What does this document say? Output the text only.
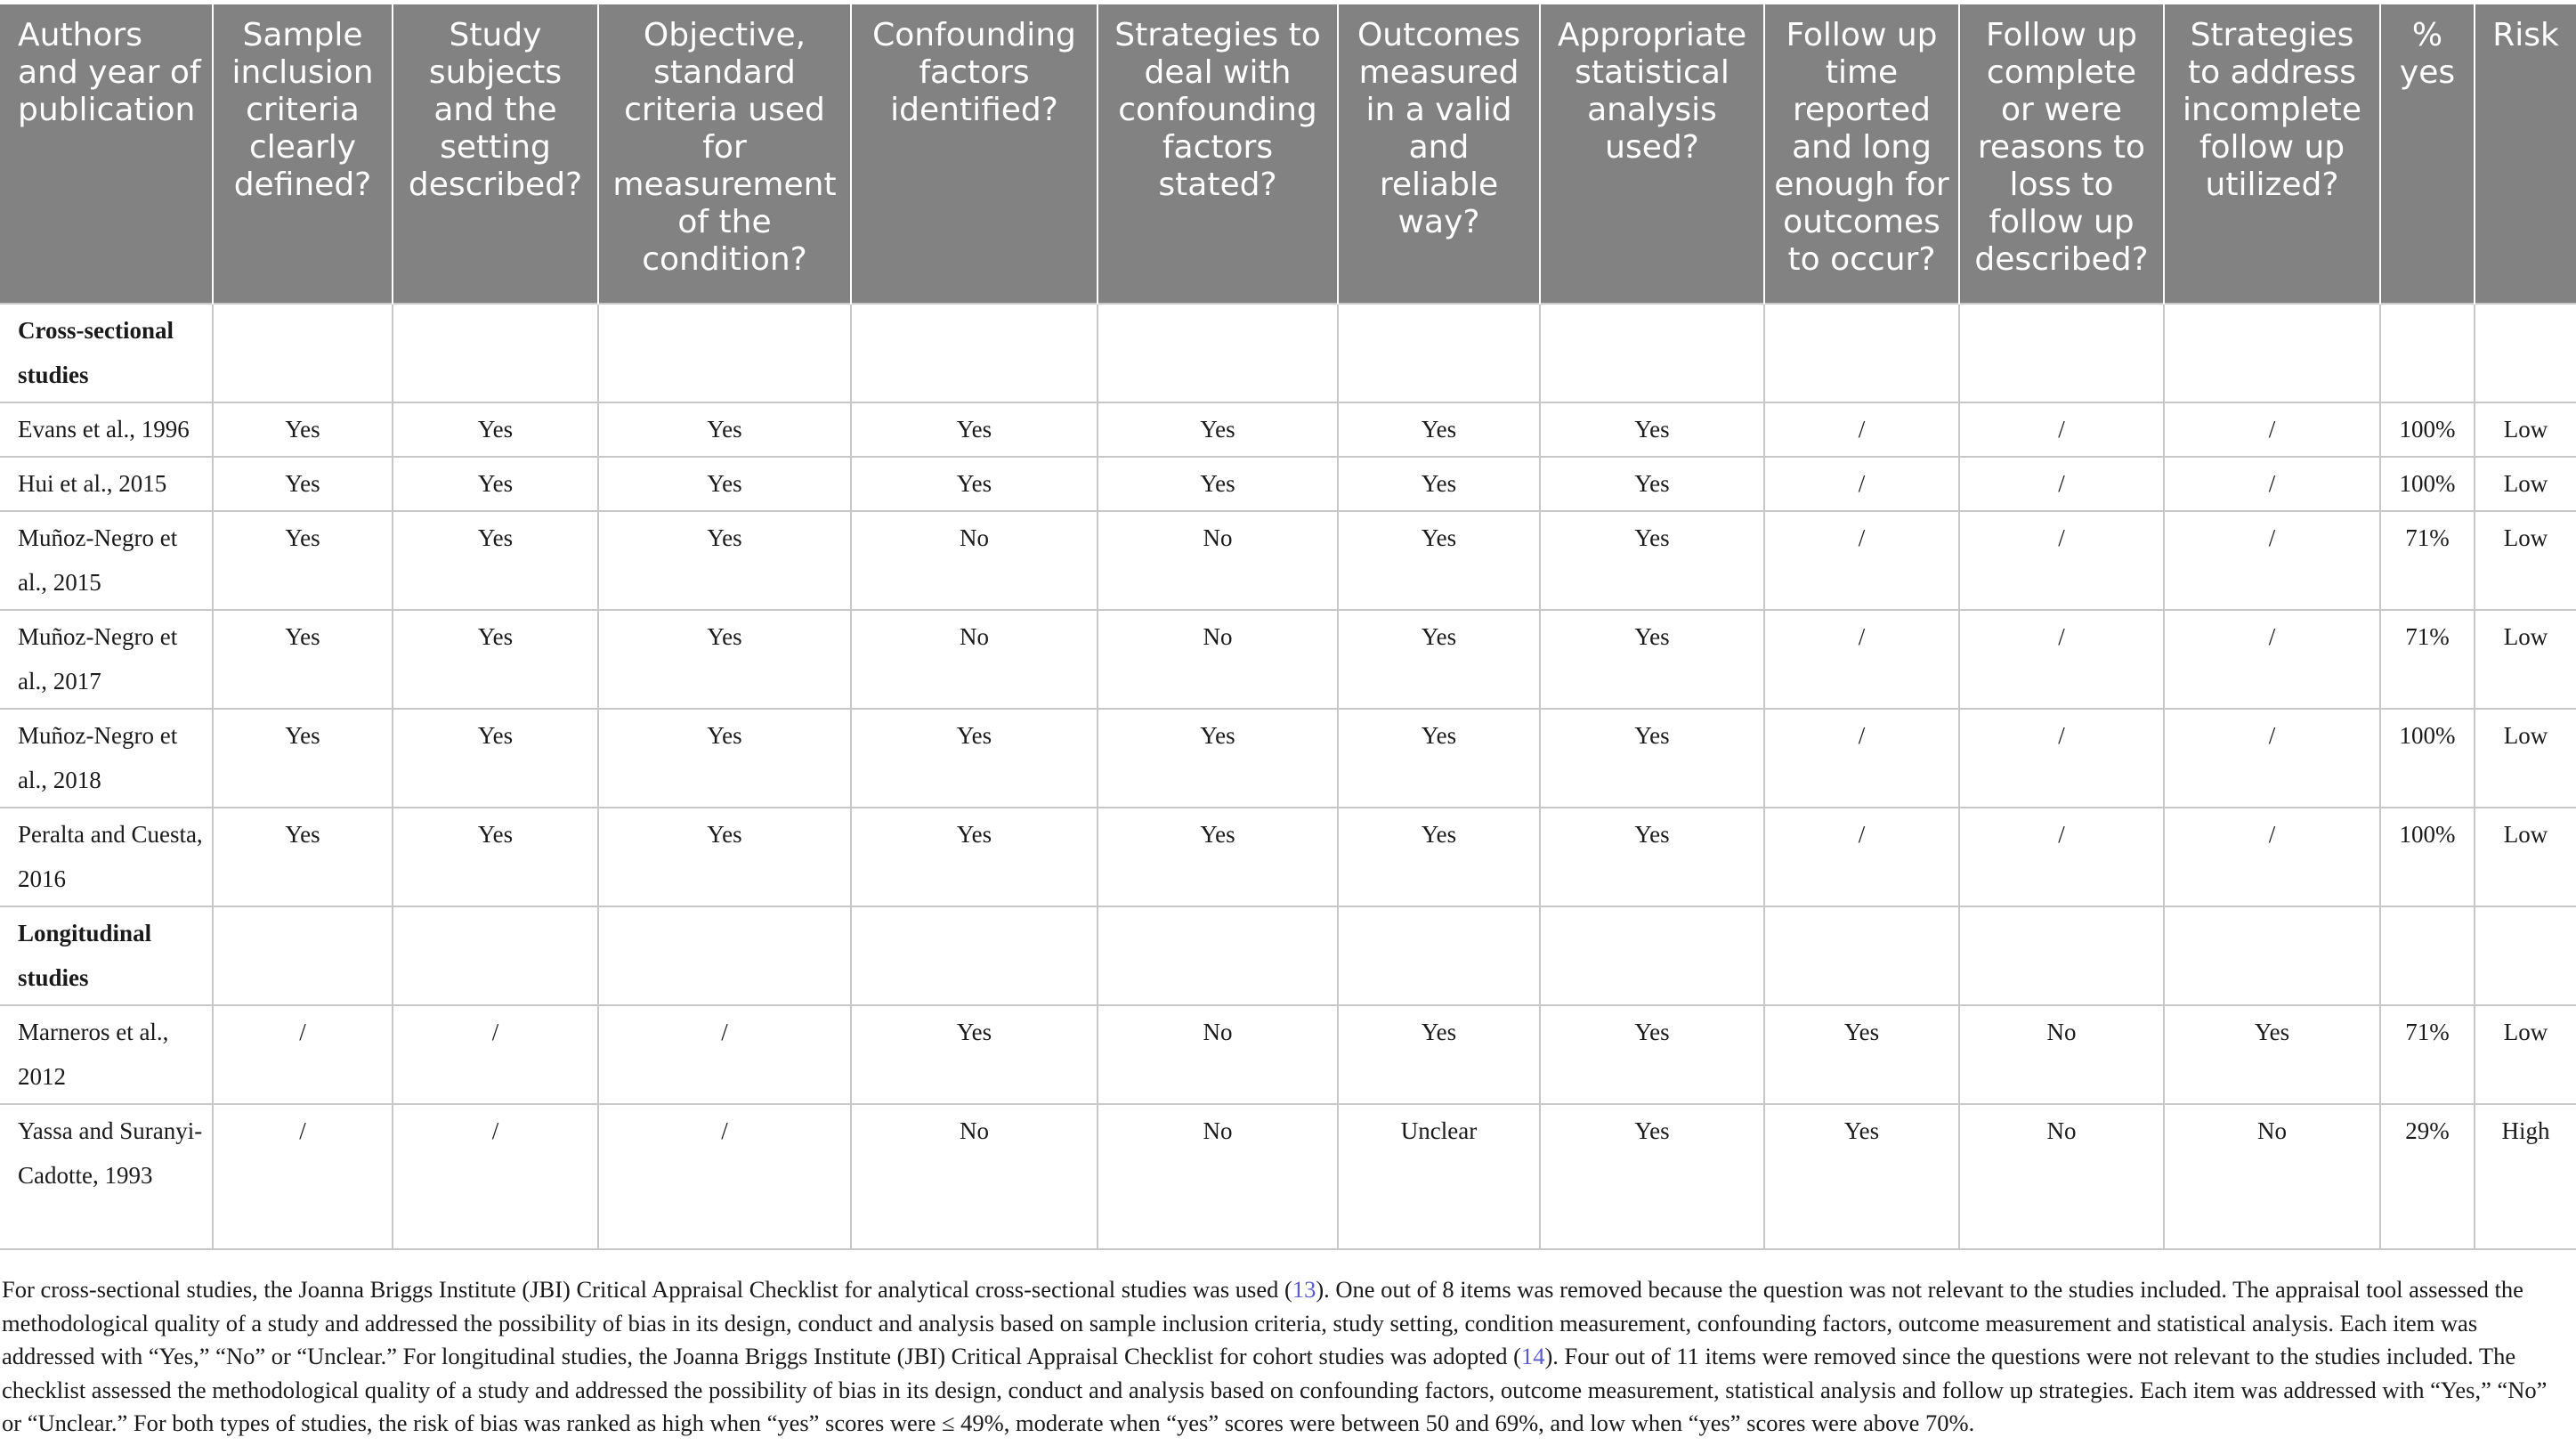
Authors and year of publication	Sample inclusion criteria clearly defined?	Study subjects and the setting described?	Objective, standard criteria used for measurement of the condition?	Confounding factors identified?	Strategies to deal with confounding factors stated?	Outcomes measured in a valid and reliable way?	Appropriate statistical analysis used?	Follow up time reported and long enough for outcomes to occur?	Follow up complete or were reasons to loss to follow up described?	Strategies to address incomplete follow up utilized?	% yes	Risk
Cross-sectional studies												
Evans et al., 1996	Yes	Yes	Yes	Yes	Yes	Yes	Yes	/	/	/	100%	Low
Hui et al., 2015	Yes	Yes	Yes	Yes	Yes	Yes	Yes	/	/	/	100%	Low
Muñoz-Negro et al., 2015	Yes	Yes	Yes	No	No	Yes	Yes	/	/	/	71%	Low
Muñoz-Negro et al., 2017	Yes	Yes	Yes	No	No	Yes	Yes	/	/	/	71%	Low
Muñoz-Negro et al., 2018	Yes	Yes	Yes	Yes	Yes	Yes	Yes	/	/	/	100%	Low
Peralta and Cuesta, 2016	Yes	Yes	Yes	Yes	Yes	Yes	Yes	/	/	/	100%	Low
Longitudinal studies												
Marneros et al., 2012	/	/	/	Yes	No	Yes	Yes	Yes	No	Yes	71%	Low
Yassa and Suranyi-Cadotte, 1993	/	/	/	No	No	Unclear	Yes	Yes	No	No	29%	High
For cross-sectional studies, the Joanna Briggs Institute (JBI) Critical Appraisal Checklist for analytical cross-sectional studies was used (13). One out of 8 items was removed because the question was not relevant to the studies included. The appraisal tool assessed the methodological quality of a study and addressed the possibility of bias in its design, conduct and analysis based on sample inclusion criteria, study setting, condition measurement, confounding factors, outcome measurement and statistical analysis. Each item was addressed with “Yes,” “No” or “Unclear.” For longitudinal studies, the Joanna Briggs Institute (JBI) Critical Appraisal Checklist for cohort studies was adopted (14). Four out of 11 items were removed since the questions were not relevant to the studies included. The checklist assessed the methodological quality of a study and addressed the possibility of bias in its design, conduct and analysis based on confounding factors, outcome measurement, statistical analysis and follow up strategies. Each item was addressed with “Yes,” “No” or “Unclear.” For both types of studies, the risk of bias was ranked as high when “yes” scores were ≤ 49%, moderate when “yes” scores were between 50 and 69%, and low when “yes” scores were above 70%.
